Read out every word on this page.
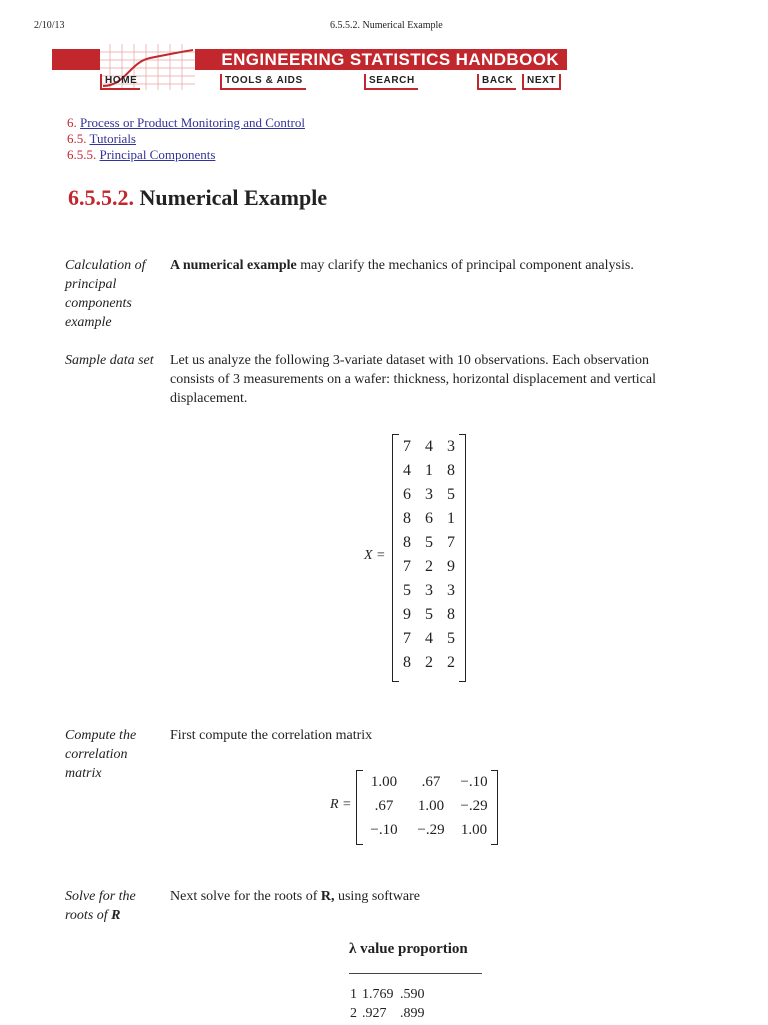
2/10/13	6.5.5.2. Numerical Example
ENGINEERING STATISTICS HANDBOOK
HOME	TOOLS & AIDS	SEARCH	BACK	NEXT
6. Process or Product Monitoring and Control
6.5. Tutorials
6.5.5. Principal Components
6.5.5.2. Numerical Example
Calculation of principal components example
A numerical example may clarify the mechanics of principal component analysis.
Sample data set	Let us analyze the following 3-variate dataset with 10 observations. Each observation consists of 3 measurements on a wafer: thickness, horizontal displacement and vertical displacement.
X =
7 4 3
4 1 8
6 3 5
8 6 1
8 5 7
7 2 9
5 3 3
9 5 8
7 4 5
8 2 2
Compute the correlation matrix
First compute the correlation matrix
R =
1.00	.67	−.10
.67	1.00	−.29
−.10	−.29	1.00
Solve for the roots of R
Next solve for the roots of R, using software
λ value proportion
1 1.769 .590
2 .927 .899
